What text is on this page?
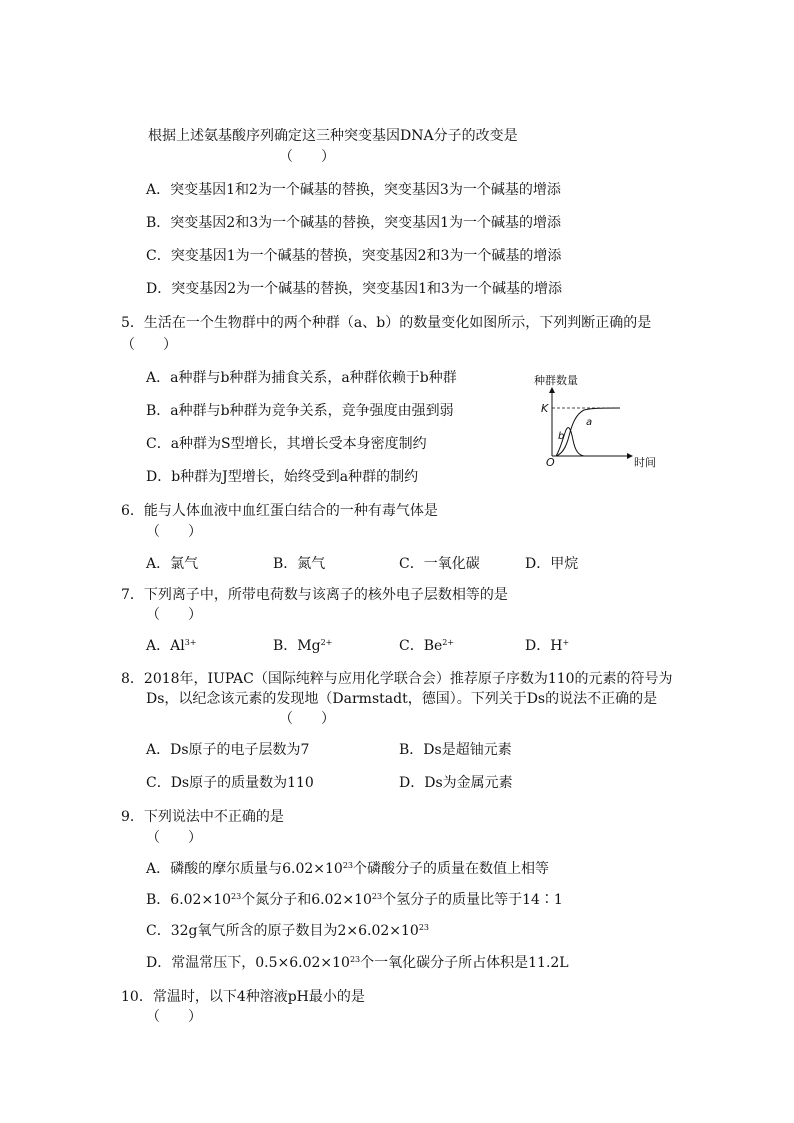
根据上述氨基酸序列确定这三种突变基因DNA分子的改变是
（　　）
A．突变基因1和2为一个碱基的替换，突变基因3为一个碱基的增添
B．突变基因2和3为一个碱基的替换，突变基因1为一个碱基的增添
C．突变基因1为一个碱基的替换，突变基因2和3为一个碱基的增添
D．突变基因2为一个碱基的替换，突变基因1和3为一个碱基的增添
5．生活在一个生物群中的两个种群（a、b）的数量变化如图所示，下列判断正确的是
（　　）
A．a种群与b种群为捕食关系，a种群依赖于b种群
B．a种群与b种群为竞争关系，竞争强度由强到弱
C．a种群为S型增长，其增长受本身密度制约
D．b种群为J型增长，始终受到a种群的制约
种群数量
K
O	时间
a
b
6．能与人体血液中血红蛋白结合的一种有毒气体是
（　　）
A．氯气	B．氮气	C．一氧化碳	D．甲烷
7．下列离子中，所带电荷数与该离子的核外电子层数相等的是
（　　）
A．$Al^{3+}$	B．$Mg^{2+}$	C．$Be^{2+}$	D．H+
8．2018年，IUPAC（国际纯粹与应用化学联合会）推荐原子序数为110的元素的符号为
Ds，以纪念该元素的发现地（Darmstadt，德国）。下列关于Ds的说法不正确的是
（　　）
A．Ds原子的电子层数为7	B．Ds是超铀元素
C．Ds原子的质量数为110	D．Ds为金属元素
9．下列说法中不正确的是
（　　）
A．磷酸的摩尔质量与$6.02\times 10^{23}$个磷酸分子的质量在数值上相等
B．$6.02\times 10^{23}$个氮分子和$6.02\times 10^{23}$个氢分子的质量比等于14∶1
C．32g氧气所含的原子数目为$2\times 6.02\times 10^{23}$
D．常温常压下，$0.5\times 6.02\times 10^{23}$个一氧化碳分子所占体积是11.2L
10．常温时，以下4种溶液pH最小的是
（　　）
